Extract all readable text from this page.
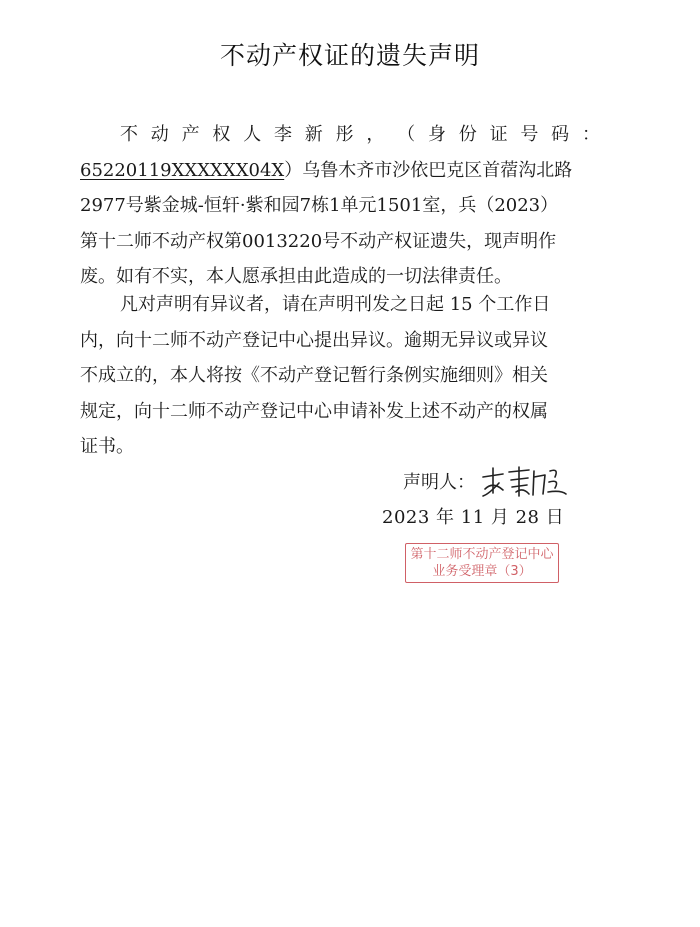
不动产权证的遗失声明
不 动 产 权 人 李 新 彤 ， （ 身 份 证 号 码 ：
65220119XXXXXX04X）乌鲁木齐市沙依巴克区首蓿沟北路
2977号紫金城-恒轩·紫和园7栋1单元1501室，兵（2023）
第十二师不动产权第0013220号不动产权证遗失，现声明作
废。如有不实，本人愿承担由此造成的一切法律责任。
凡对声明有异议者，请在声明刊发之日起 15 个工作日
内，向十二师不动产登记中心提出异议。逾期无异议或异议
不成立的，本人将按《不动产登记暂行条例实施细则》相关
规定，向十二师不动产登记中心申请补发上述不动产的权属
证书。
声明人：
2023 年 11 月 28 日
第十二师不动产登记中心
业务受理章（3）
